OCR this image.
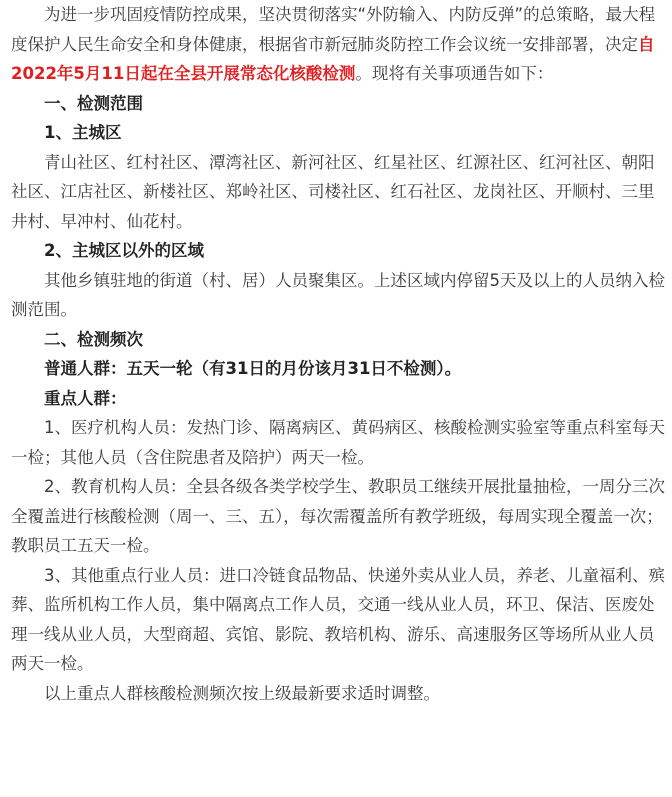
为进一步巩固疫情防控成果，坚决贯彻落实“外防输入、内防反弹”的总策略，最大程度保护人民生命安全和身体健康，根据省市新冠肺炎防控工作会议统一安排部署，决定自2022年5月11日起在全县开展常态化核酸检测。现将有关事项通告如下：

一、检测范围

1、主城区

青山社区、红村社区、潭湾社区、新河社区、红星社区、红源社区、红河社区、朝阳社区、江店社区、新楼社区、郑岭社区、司楼社区、红石社区、龙岗社区、开顺村、三里井村、早冲村、仙花村。

2、主城区以外的区域

其他乡镇驻地的街道（村、居）人员聚集区。上述区域内停留5天及以上的人员纳入检测范围。

二、检测频次

普通人群：五天一轮（有31日的月份该月31日不检测）。

重点人群：

1、医疗机构人员：发热门诊、隔离病区、黄码病区、核酸检测实验室等重点科室每天一检；其他人员（含住院患者及陪护）两天一检。

2、教育机构人员：全县各级各类学校学生、教职员工继续开展批量抽检，一周分三次全覆盖进行核酸检测（周一、三、五），每次需覆盖所有教学班级，每周实现全覆盖一次；教职员工五天一检。

3、其他重点行业人员：进口冷链食品物品、快递外卖从业人员，养老、儿童福利、殡葬、监所机构工作人员，集中隔离点工作人员，交通一线从业人员，环卫、保洁、医废处理一线从业人员，大型商超、宾馆、影院、教培机构、游乐、高速服务区等场所从业人员两天一检。

以上重点人群核酸检测频次按上级最新要求适时调整。
